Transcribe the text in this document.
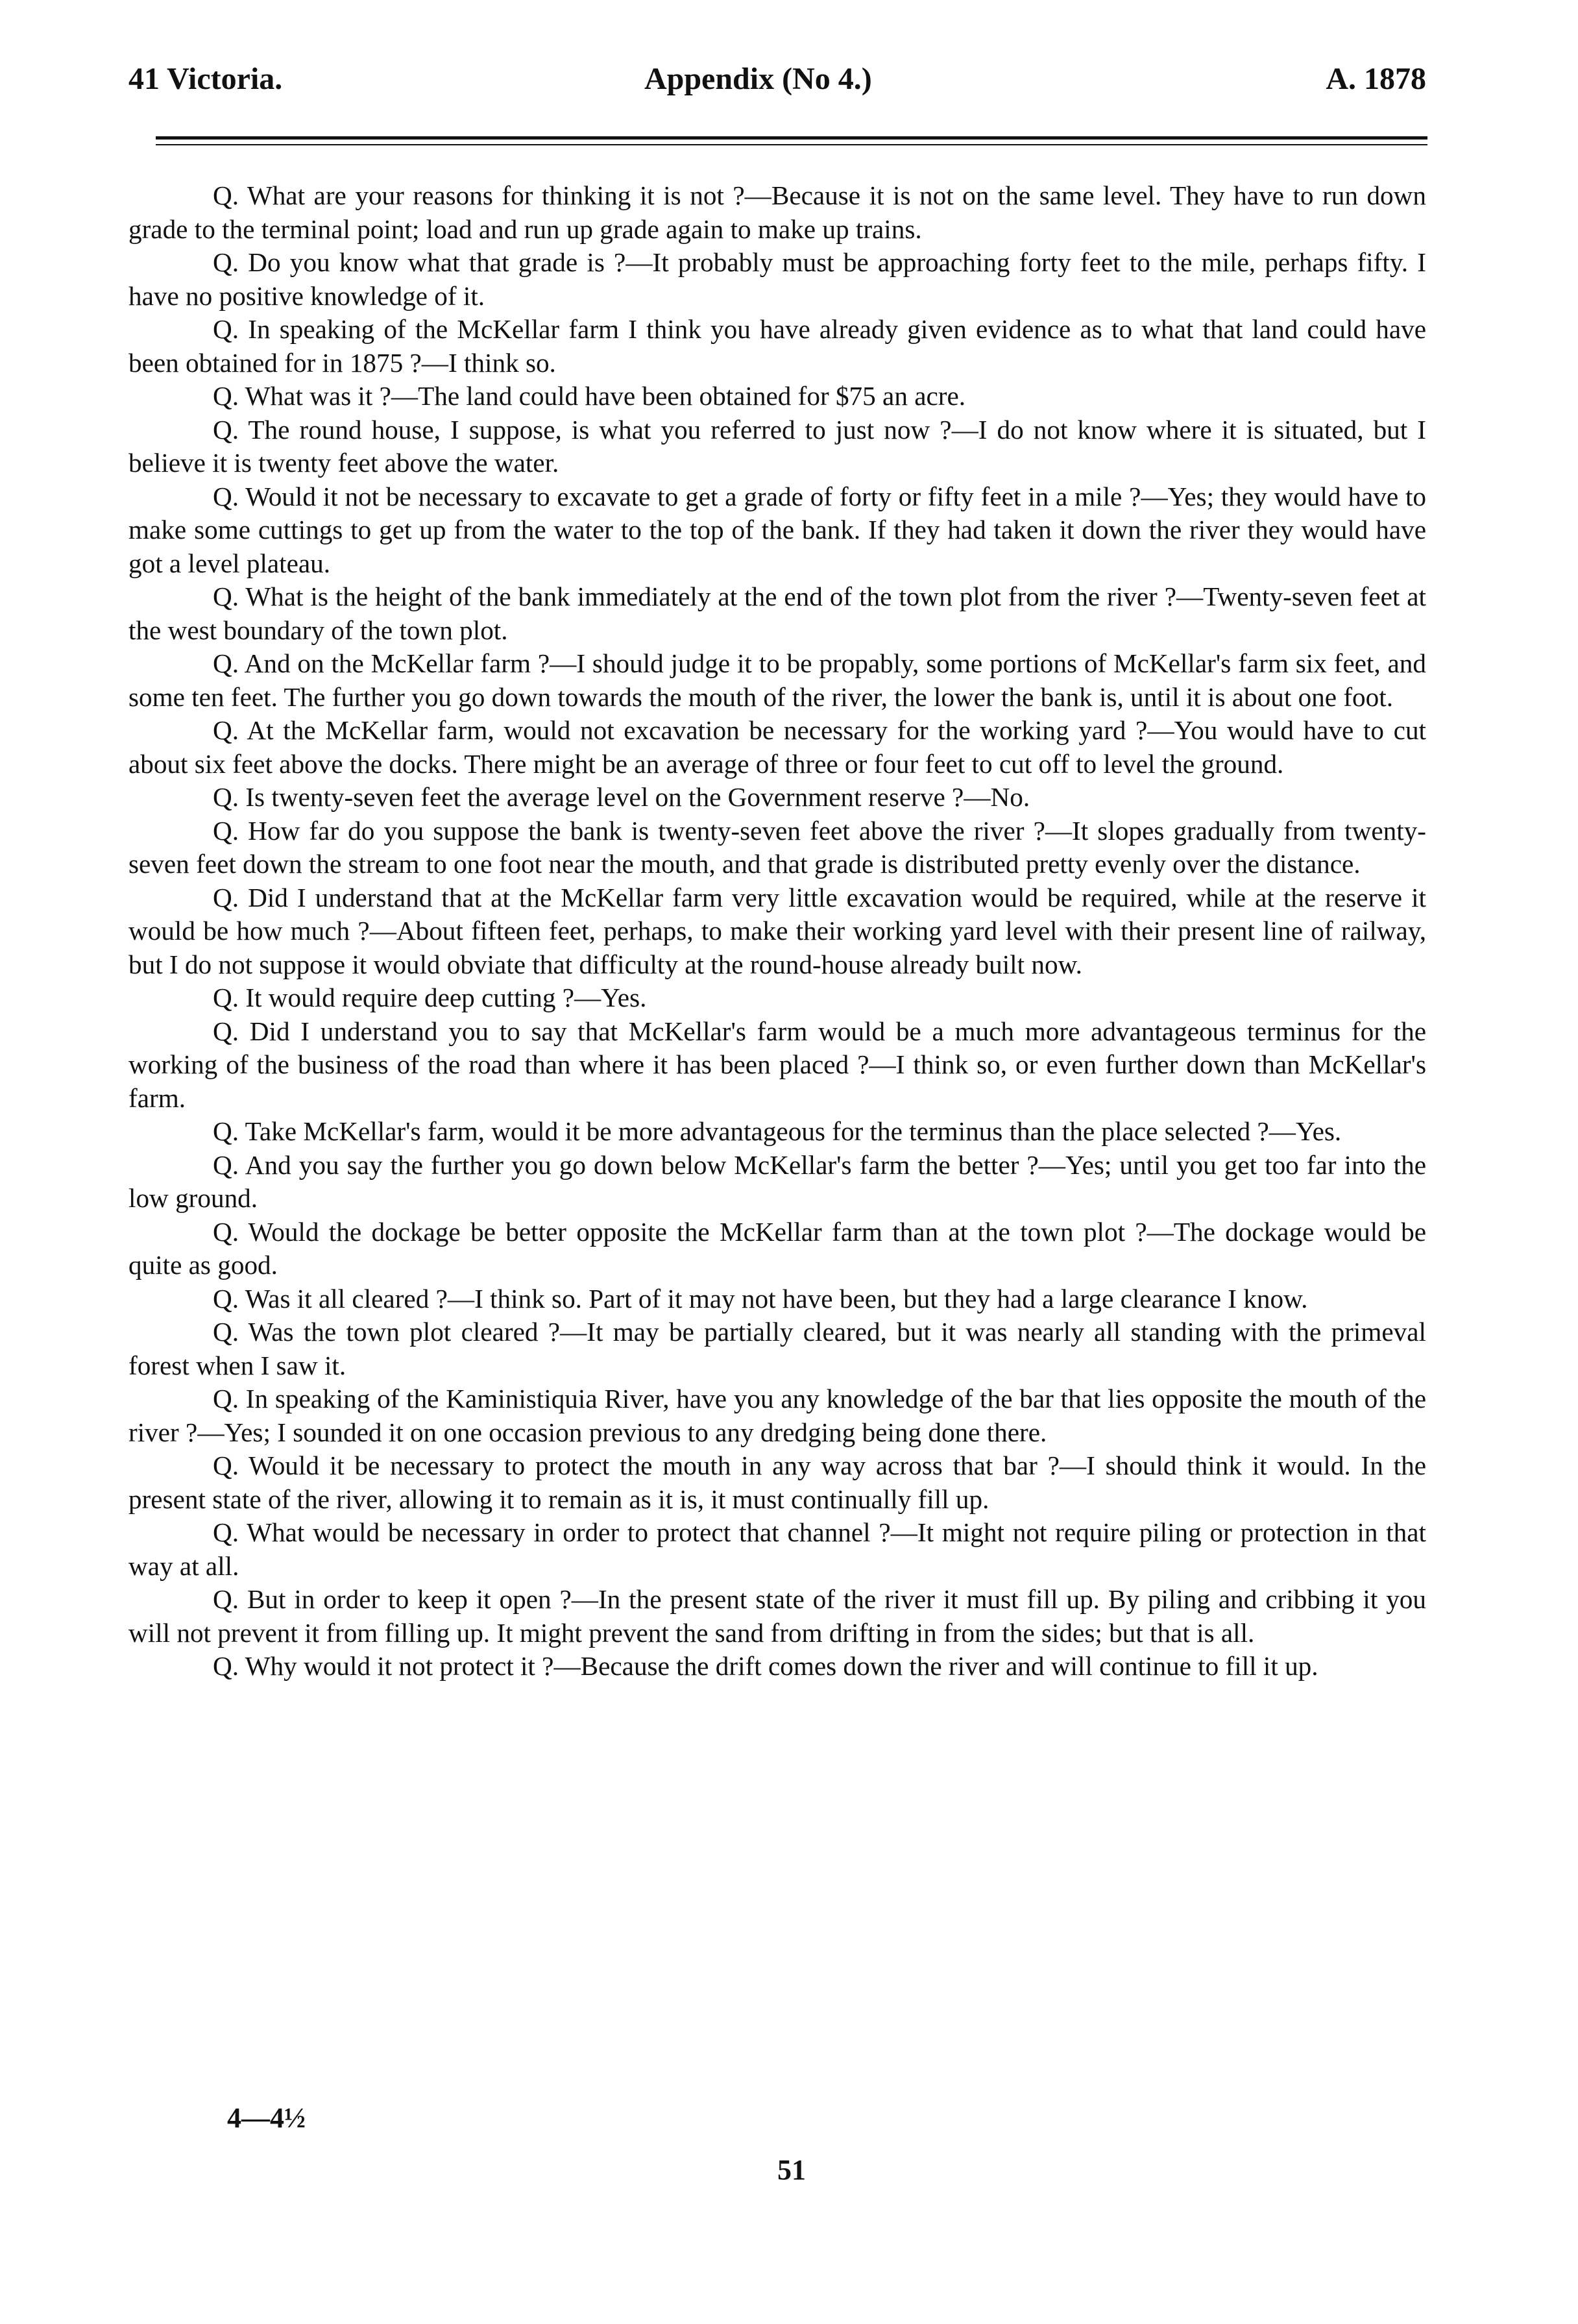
41 Victoria.	Appendix (No 4.)	A. 1878

Q. What are your reasons for thinking it is not ?—Because it is not on the same level. They have to run down grade to the terminal point; load and run up grade again to make up trains.

Q. Do you know what that grade is ?—It probably must be approaching forty feet to the mile, perhaps fifty. I have no positive knowledge of it.

Q. In speaking of the McKellar farm I think you have already given evidence as to what that land could have been obtained for in 1875 ?—I think so.

Q. What was it ?—The land could have been obtained for $75 an acre.

Q. The round house, I suppose, is what you referred to just now ?—I do not know where it is situated, but I believe it is twenty feet above the water.

Q. Would it not be necessary to excavate to get a grade of forty or fifty feet in a mile ?—Yes; they would have to make some cuttings to get up from the water to the top of the bank. If they had taken it down the river they would have got a level plateau.

Q. What is the height of the bank immediately at the end of the town plot from the river ?—Twenty-seven feet at the west boundary of the town plot.

Q. And on the McKellar farm ?—I should judge it to be propably, some portions of McKellar's farm six feet, and some ten feet. The further you go down towards the mouth of the river, the lower the bank is, until it is about one foot.

Q. At the McKellar farm, would not excavation be necessary for the working yard ?—You would have to cut about six feet above the docks. There might be an average of three or four feet to cut off to level the ground.

Q. Is twenty-seven feet the average level on the Government reserve ?—No.

Q. How far do you suppose the bank is twenty-seven feet above the river ?—It slopes gradually from twenty-seven feet down the stream to one foot near the mouth, and that grade is distributed pretty evenly over the distance.

Q. Did I understand that at the McKellar farm very little excavation would be required, while at the reserve it would be how much ?—About fifteen feet, perhaps, to make their working yard level with their present line of railway, but I do not suppose it would obviate that difficulty at the round-house already built now.

Q. It would require deep cutting ?—Yes.

Q. Did I understand you to say that McKellar's farm would be a much more advantageous terminus for the working of the business of the road than where it has been placed ?—I think so, or even further down than McKellar's farm.

Q. Take McKellar's farm, would it be more advantageous for the terminus than the place selected ?—Yes.

Q. And you say the further you go down below McKellar's farm the better ?—Yes; until you get too far into the low ground.

Q. Would the dockage be better opposite the McKellar farm than at the town plot ?—The dockage would be quite as good.

Q. Was it all cleared ?—I think so. Part of it may not have been, but they had a large clearance I know.

Q. Was the town plot cleared ?—It may be partially cleared, but it was nearly all standing with the primeval forest when I saw it.

Q. In speaking of the Kaministiquia River, have you any knowledge of the bar that lies opposite the mouth of the river ?—Yes; I sounded it on one occasion previous to any dredging being done there.

Q. Would it be necessary to protect the mouth in any way across that bar ?—I should think it would. In the present state of the river, allowing it to remain as it is, it must continually fill up.

Q. What would be necessary in order to protect that channel ?—It might not require piling or protection in that way at all.

Q. But in order to keep it open ?—In the present state of the river it must fill up. By piling and cribbing it you will not prevent it from filling up. It might prevent the sand from drifting in from the sides; but that is all.

Q. Why would it not protect it ?—Because the drift comes down the river and will continue to fill it up.

4—4½
51
